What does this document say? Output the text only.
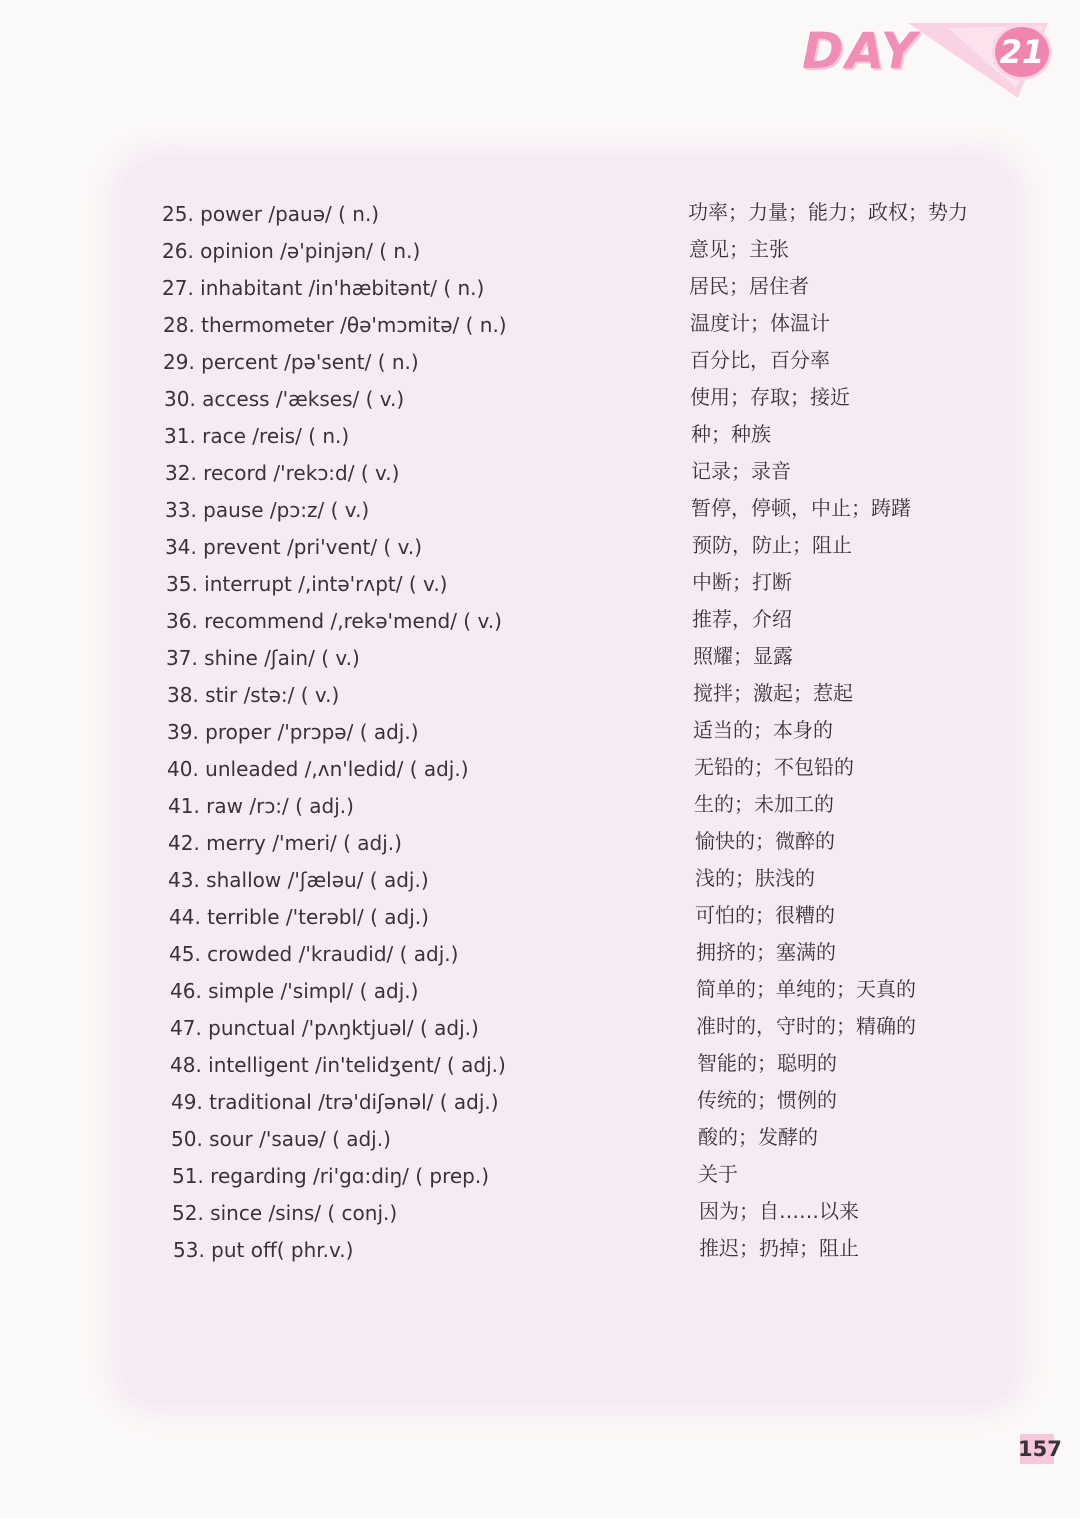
DAY	21
25. power /pauə/ ( n.)	功率；力量；能力；政权；势力
26. opinion /ə'pinjən/ ( n.)	意见；主张
27. inhabitant /in'hæbitənt/ ( n.)	居民；居住者
28. thermometer /θə'mɔmitə/ ( n.)	温度计；体温计
29. percent /pə'sent/ ( n.)	百分比，百分率
30. access /'ækses/ ( v.)	使用；存取；接近
31. race /reis/ ( n.)	种；种族
32. record /'rekɔ:d/ ( v.)	记录；录音
33. pause /pɔ:z/ ( v.)	暂停，停顿，中止；踌躇
34. prevent /pri'vent/ ( v.)	预防，防止；阻止
35. interrupt /,intə'rʌpt/ ( v.)	中断；打断
36. recommend /,rekə'mend/ ( v.)	推荐，介绍
37. shine /ʃain/ ( v.)	照耀；显露
38. stir /stə:/ ( v.)	搅拌；激起；惹起
39. proper /'prɔpə/ ( adj.)	适当的；本身的
40. unleaded /,ʌn'ledid/ ( adj.)	无铅的；不包铅的
41. raw /rɔ:/ ( adj.)	生的；未加工的
42. merry /'meri/ ( adj.)	愉快的；微醉的
43. shallow /'ʃæləu/ ( adj.)	浅的；肤浅的
44. terrible /'terəbl/ ( adj.)	可怕的；很糟的
45. crowded /'kraudid/ ( adj.)	拥挤的；塞满的
46. simple /'simpl/ ( adj.)	简单的；单纯的；天真的
47. punctual /'pʌŋktjuəl/ ( adj.)	准时的，守时的；精确的
48. intelligent /in'telidʒent/ ( adj.)	智能的；聪明的
49. traditional /trə'diʃənəl/ ( adj.)	传统的；惯例的
50. sour /'sauə/ ( adj.)	酸的；发酵的
51. regarding /ri'gɑ:diŋ/ ( prep.)	关于
52. since /sins/ ( conj.)	因为；自……以来
53. put off( phr.v.)	推迟；扔掉；阻止
157
